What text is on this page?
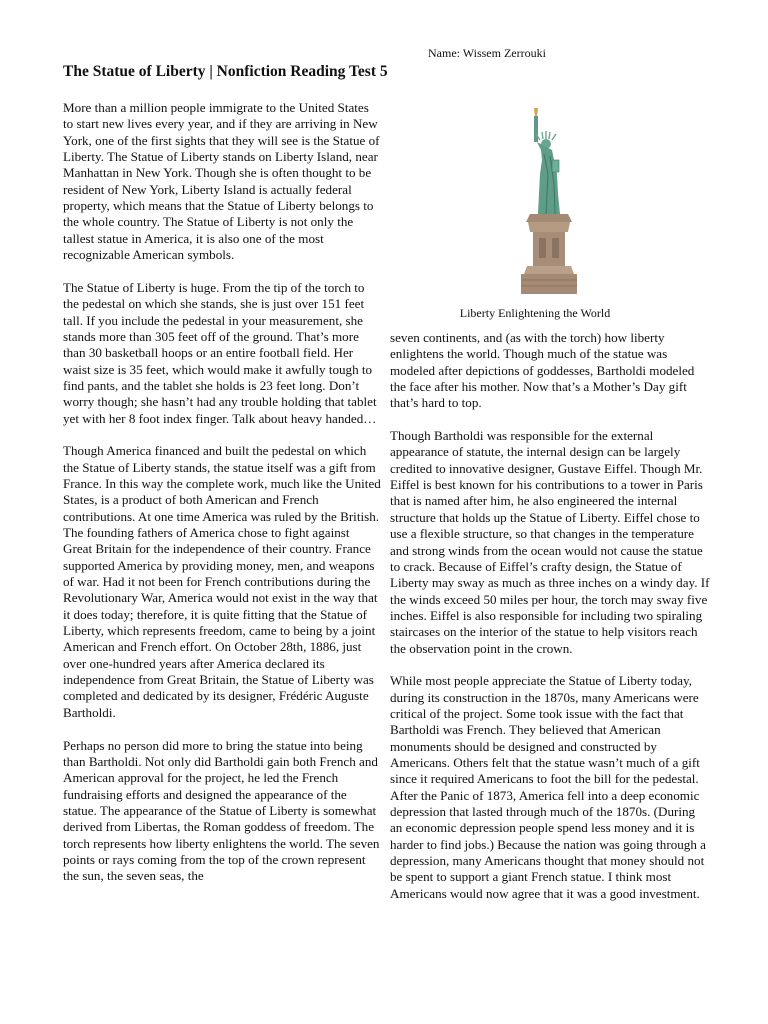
Name: Wissem Zerrouki
The Statue of Liberty | Nonfiction Reading Test 5

More than a million people immigrate to the United States to start new lives every year, and if they are arriving in New York, one of the first sights that they will see is the Statue of Liberty. The Statue of Liberty stands on Liberty Island, near Manhattan in New York. Though she is often thought to be resident of New York, Liberty Island is actually federal property, which means that the Statue of Liberty belongs to the whole country. The Statue of Liberty is not only the tallest statue in America, it is also one of the most recognizable American symbols.

The Statue of Liberty is huge. From the tip of the torch to the pedestal on which she stands, she is just over 151 feet tall. If you include the pedestal in your measurement, she stands more than 305 feet off of the ground. That’s more than 30 basketball hoops or an entire football field. Her waist size is 35 feet, which would make it awfully tough to find pants, and the tablet she holds is 23 feet long. Don’t worry though; she hasn’t had any trouble holding that tablet yet with her 8 foot index finger. Talk about heavy handed…

Though America financed and built the pedestal on which the Statue of Liberty stands, the statue itself was a gift from France. In this way the complete work, much like the United States, is a product of both American and French contributions. At one time America was ruled by the British. The founding fathers of America chose to fight against Great Britain for the independence of their country. France supported America by providing money, men, and weapons of war. Had it not been for French contributions during the Revolutionary War, America would not exist in the way that it does today; therefore, it is quite fitting that the Statue of Liberty, which represents freedom, came to being by a joint American and French effort. On October 28th, 1886, just over one-hundred years after America declared its independence from Great Britain, the Statue of Liberty was completed and dedicated by its designer, Frédéric Auguste Bartholdi.

Perhaps no person did more to bring the statue into being than Bartholdi. Not only did Bartholdi gain both French and American approval for the project, he led the French fundraising efforts and designed the appearance of the statue. The appearance of the Statue of Liberty is somewhat derived from Libertas, the Roman goddess of freedom. The torch represents how liberty enlightens the world. The seven points or rays coming from the top of the crown represent the sun, the seven seas, the

Liberty Enlightening the World

seven continents, and (as with the torch) how liberty enlightens the world. Though much of the statue was modeled after depictions of goddesses, Bartholdi modeled the face after his mother. Now that’s a Mother’s Day gift that’s hard to top.

Though Bartholdi was responsible for the external appearance of statute, the internal design can be largely credited to innovative designer, Gustave Eiffel. Though Mr. Eiffel is best known for his contributions to a tower in Paris that is named after him, he also engineered the internal structure that holds up the Statue of Liberty. Eiffel chose to use a flexible structure, so that changes in the temperature and strong winds from the ocean would not cause the statue to crack. Because of Eiffel’s crafty design, the Statue of Liberty may sway as much as three inches on a windy day. If the winds exceed 50 miles per hour, the torch may sway five inches. Eiffel is also responsible for including two spiraling staircases on the interior of the statue to help visitors reach the observation point in the crown.

While most people appreciate the Statue of Liberty today, during its construction in the 1870s, many Americans were critical of the project. Some took issue with the fact that Bartholdi was French. They believed that American monuments should be designed and constructed by Americans. Others felt that the statue wasn’t much of a gift since it required Americans to foot the bill for the pedestal. After the Panic of 1873, America fell into a deep economic depression that lasted through much of the 1870s. (During an economic depression people spend less money and it is harder to find jobs.) Because the nation was going through a depression, many Americans thought that money should not be spent to support a giant French statue. I think most Americans would now agree that it was a good investment.
